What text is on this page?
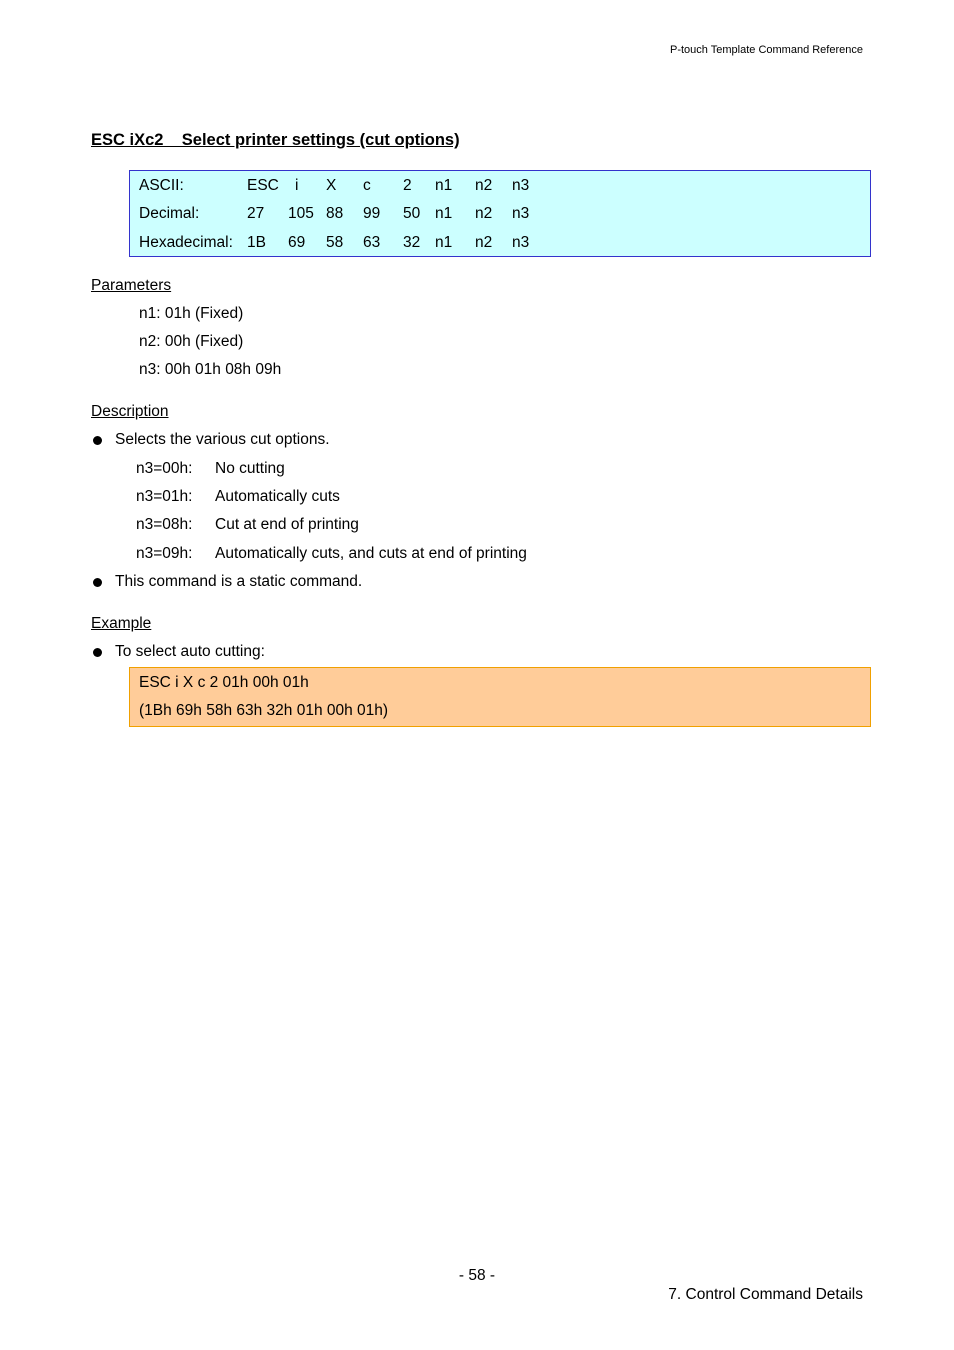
P-touch Template Command Reference
ESC iXc2    Select printer settings (cut options)
ASCII:	ESC i X c 2 n1 n2 n3
Decimal:	27 105 88 99 50 n1 n2 n3
Hexadecimal: 1B 69 58 63 32 n1 n2 n3
Parameters
n1: 01h (Fixed)
n2: 00h (Fixed)
n3: 00h 01h 08h 09h
Description
Selects the various cut options.
n3=00h: No cutting
n3=01h: Automatically cuts
n3=08h: Cut at end of printing
n3=09h: Automatically cuts, and cuts at end of printing
This command is a static command.
Example
To select auto cutting:
ESC i X c 2 01h 00h 01h
(1Bh 69h 58h 63h 32h 01h 00h 01h)
- 58 -
7. Control Command Details
